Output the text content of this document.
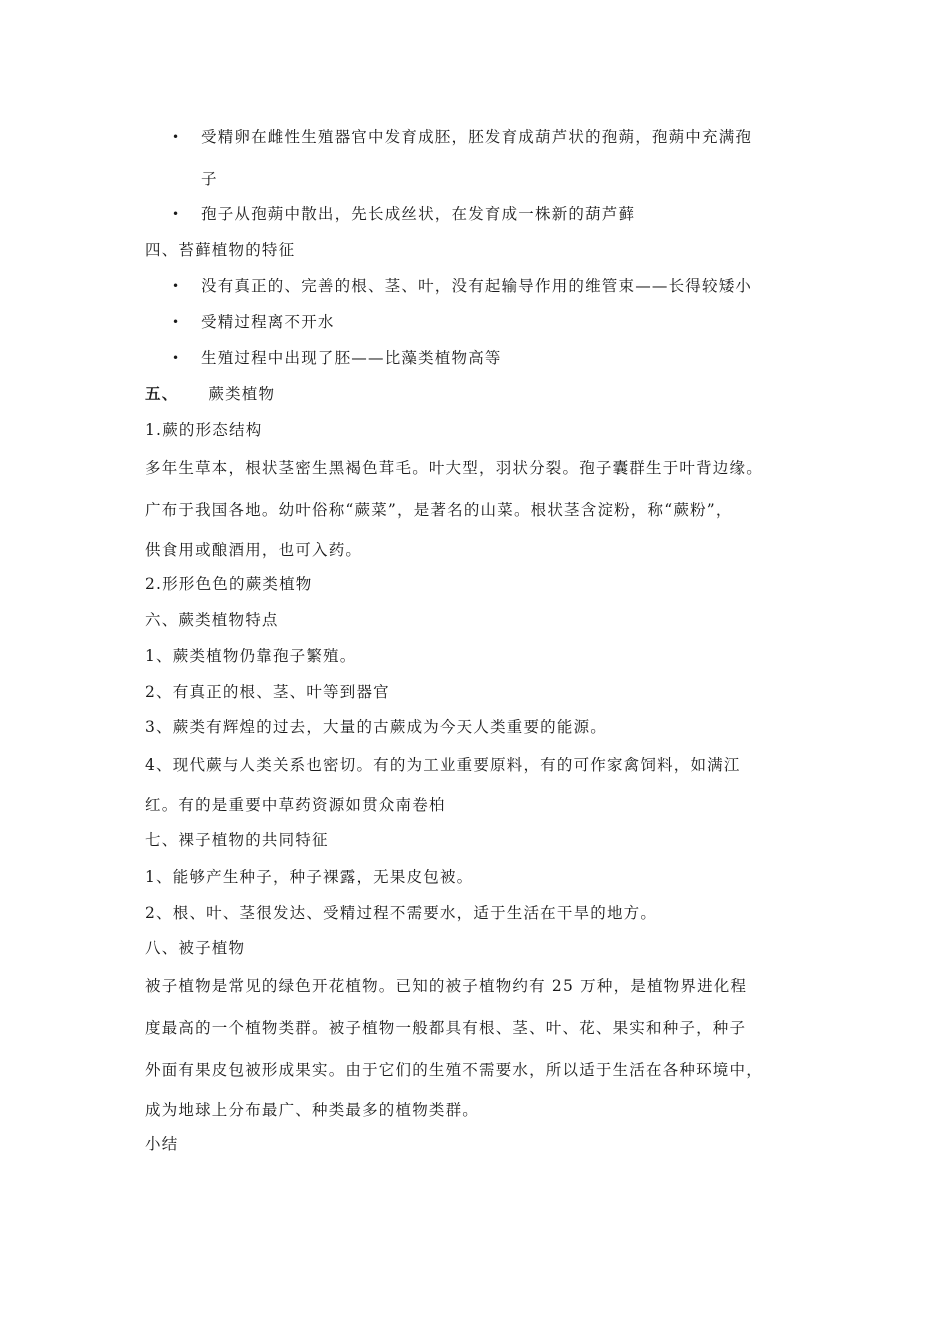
• 受精卵在雌性生殖器官中发育成胚，胚发育成葫芦状的孢蒴，孢蒴中充满孢
子
• 孢子从孢蒴中散出，先长成丝状，在发育成一株新的葫芦藓
四、苔藓植物的特征
• 没有真正的、完善的根、茎、叶，没有起输导作用的维管束——长得较矮小
• 受精过程离不开水
• 生殖过程中出现了胚——比藻类植物高等
五、 蕨类植物
1.蕨的形态结构
多年生草本，根状茎密生黑褐色茸毛。叶大型，羽状分裂。孢子囊群生于叶背边缘。
广布于我国各地。幼叶俗称“蕨菜”，是著名的山菜。根状茎含淀粉，称“蕨粉”，
供食用或酿酒用，也可入药。
2.形形色色的蕨类植物
六、蕨类植物特点
1、蕨类植物仍靠孢子繁殖。
2、有真正的根、茎、叶等到器官
3、蕨类有辉煌的过去，大量的古蕨成为今天人类重要的能源。
4、现代蕨与人类关系也密切。有的为工业重要原料，有的可作家禽饲料，如满江
红。有的是重要中草药资源如贯众南卷柏
七、裸子植物的共同特征
1、能够产生种子，种子裸露，无果皮包被。
2、根、叶、茎很发达、受精过程不需要水，适于生活在干旱的地方。
八、被子植物
被子植物是常见的绿色开花植物。已知的被子植物约有 25 万种，是植物界进化程
度最高的一个植物类群。被子植物一般都具有根、茎、叶、花、果实和种子，种子
外面有果皮包被形成果实。由于它们的生殖不需要水，所以适于生活在各种环境中，
成为地球上分布最广、种类最多的植物类群。
小结
